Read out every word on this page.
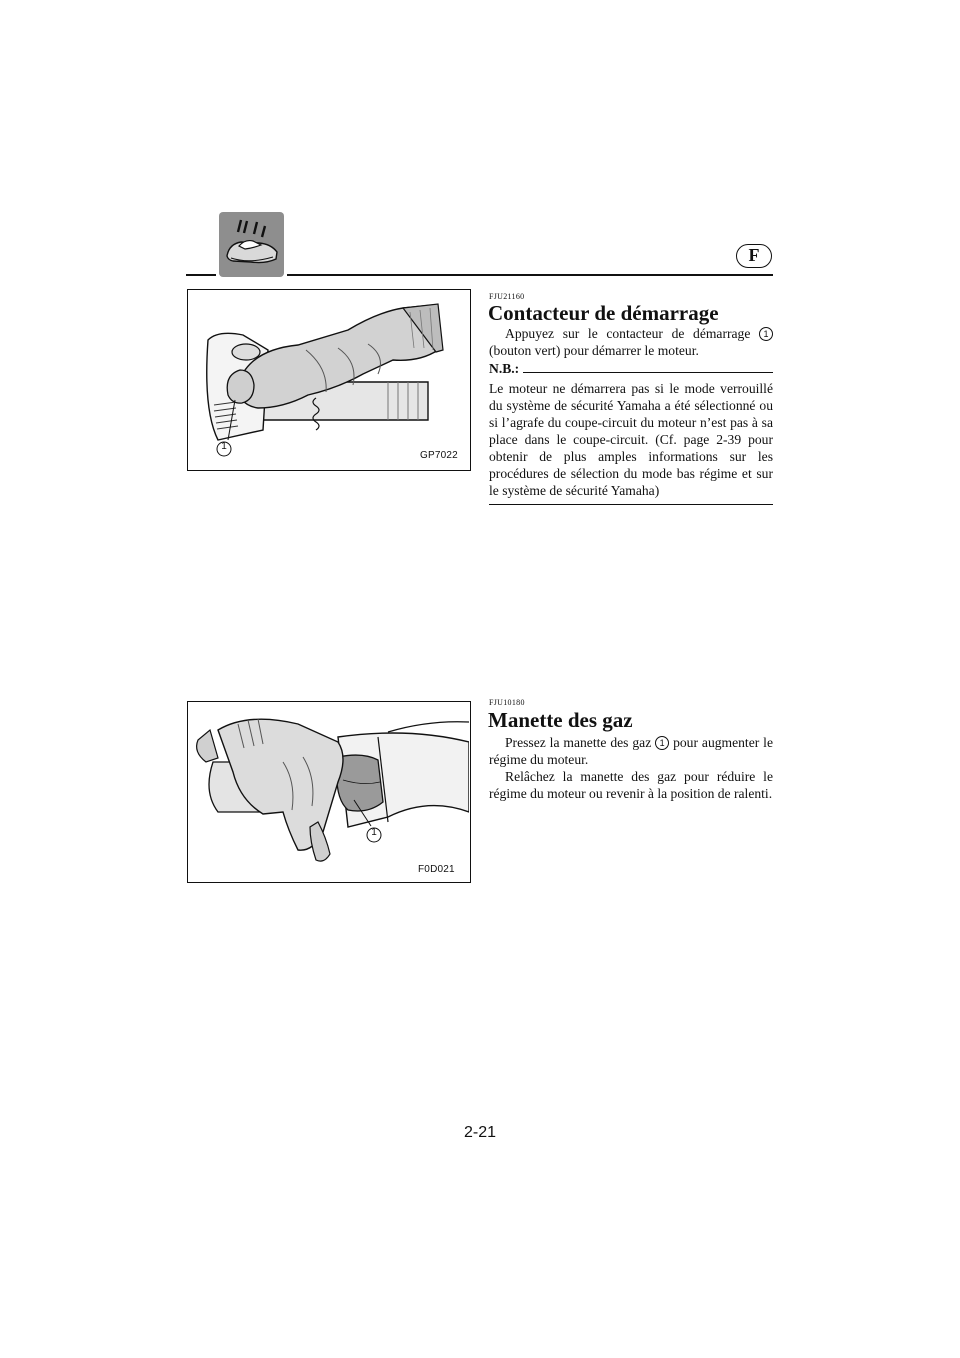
F
1
GP7022
FJU21160
Contacteur de démarrage

Appuyez sur le contacteur de démarrage 1 (bouton vert) pour démarrer le moteur.

N.B.:

Le moteur ne démarrera pas si le mode verrouillé du système de sécurité Yamaha a été sélectionné ou si l’agrafe du coupe-circuit du moteur n’est pas à sa place dans le coupe-circuit. (Cf. page 2-39 pour obtenir de plus amples informations sur les procédures de sélection du mode bas régime et sur le système de sécurité Yamaha)

1
F0D021
FJU10180
Manette des gaz

Pressez la manette des gaz 1 pour augmenter le régime du moteur.

Relâchez la manette des gaz pour réduire le régime du moteur ou revenir à la position de ralenti.

2-21
